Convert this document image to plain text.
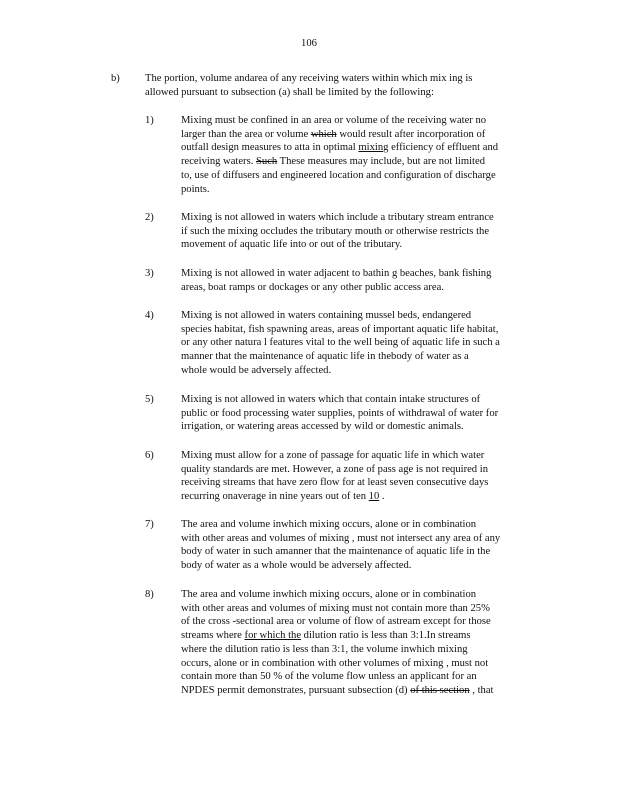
106
b) The portion, volume andarea of any receiving waters within which mix ing is
allowed pursuant to subsection (a) shall be limited by the following:
1)	Mixing must be confined in an area or volume of the receiving water no
larger than the area or volume which would result after incorporation of
outfall design measures to atta in optimal mixing efficiency of effluent and
receiving waters. Such These measures may include, but are not limited
to, use of diffusers and engineered location and configuration of discharge
points.
2)	Mixing is not allowed in waters which include a tributary stream entrance
if such the mixing occludes the tributary mouth or otherwise restricts the
movement of aquatic life into or out of the tributary.
3)	Mixing is not allowed in water adjacent to bathin g beaches, bank fishing
areas, boat ramps or dockages or any other public access area.
4)	Mixing is not allowed in waters containing mussel beds, endangered
species habitat, fish spawning areas, areas of important aquatic life habitat,
or any other natura l features vital to the well being of aquatic life in such a
manner that the maintenance of aquatic life in thebody of water as a
whole would be adversely affected.
5)	Mixing is not allowed in waters which that contain intake structures of
public or food processing water supplies, points of withdrawal of water for
irrigation, or watering areas accessed by wild or domestic animals.
6)	Mixing must allow for a zone of passage for aquatic life in which water
quality standards are met. However, a zone of pass age is not required in
receiving streams that have zero flow for at least seven consecutive days
recurring onaverage in nine years out of ten 10 .
7)	The area and volume inwhich mixing occurs, alone or in combination
with other areas and volumes of mixing , must not intersect any area of any
body of water in such amanner that the maintenance of aquatic life in the
body of water as a whole would be adversely affected.
8)	The area and volume inwhich mixing occurs, alone or in combination
with other areas and volumes of mixing must not contain more than 25%
of the cross -sectional area or volume of flow of astream except for those
streams where for which the dilution ratio is less than 3:1.In streams
where the dilution ratio is less than 3:1, the volume inwhich mixing
occurs, alone or in combination with other volumes of mixing , must not
contain more than 50 % of the volume flow unless an applicant for an
NPDES permit demonstrates, pursuant subsection (d) of this section , that
